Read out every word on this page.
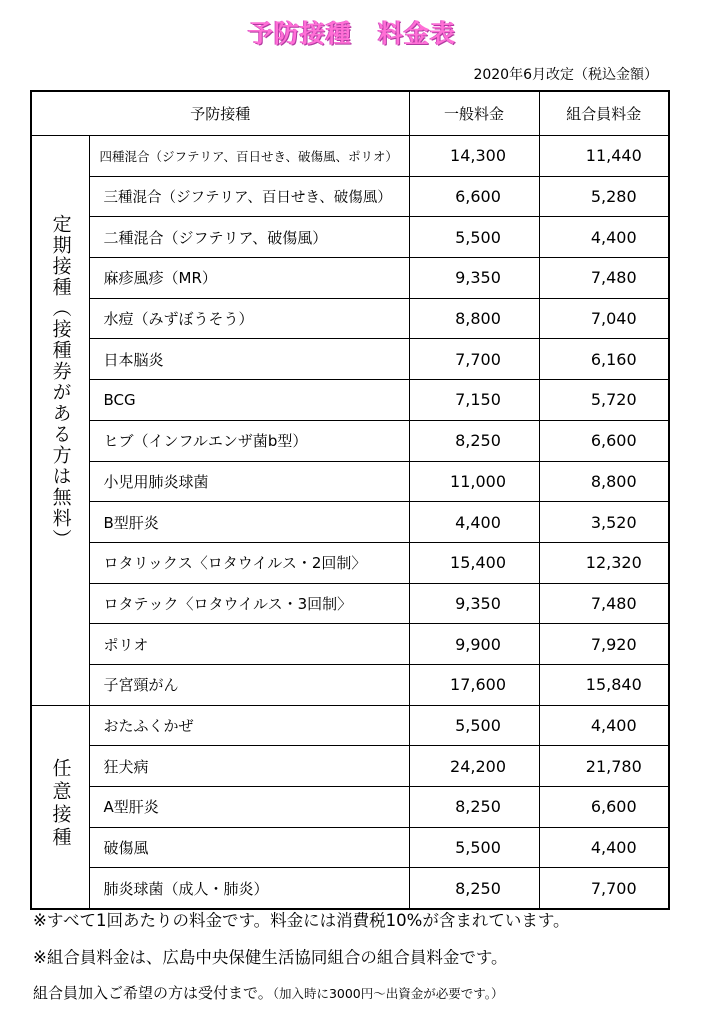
予防接種　料金表
2020年6月改定（税込金額）
予防接種		一般料金	組合員料金
定期接種（接種券がある方は無料）	四種混合（ジフテリア、百日せき、破傷風、ポリオ）	14,300	11,440
	三種混合（ジフテリア、百日せき、破傷風）	6,600	5,280
	二種混合（ジフテリア、破傷風）	5,500	4,400
	麻疹風疹（MR）	9,350	7,480
	水痘（みずぼうそう）	8,800	7,040
	日本脳炎	7,700	6,160
	BCG	7,150	5,720
	ヒブ（インフルエンザ菌b型）	8,250	6,600
	小児用肺炎球菌	11,000	8,800
	B型肝炎	4,400	3,520
	ロタリックス〈ロタウイルス・2回制〉	15,400	12,320
	ロタテック〈ロタウイルス・3回制〉	9,350	7,480
	ポリオ	9,900	7,920
	子宮頸がん	17,600	15,840
任意接種	おたふくかぜ	5,500	4,400
	狂犬病	24,200	21,780
	A型肝炎	8,250	6,600
	破傷風	5,500	4,400
	肺炎球菌（成人・肺炎）	8,250	7,700
※すべて1回あたりの料金です。料金には消費税10%が含まれています。
※組合員料金は、広島中央保健生活協同組合の組合員料金です。
組合員加入ご希望の方は受付まで。（加入時に3000円～出資金が必要です。）
